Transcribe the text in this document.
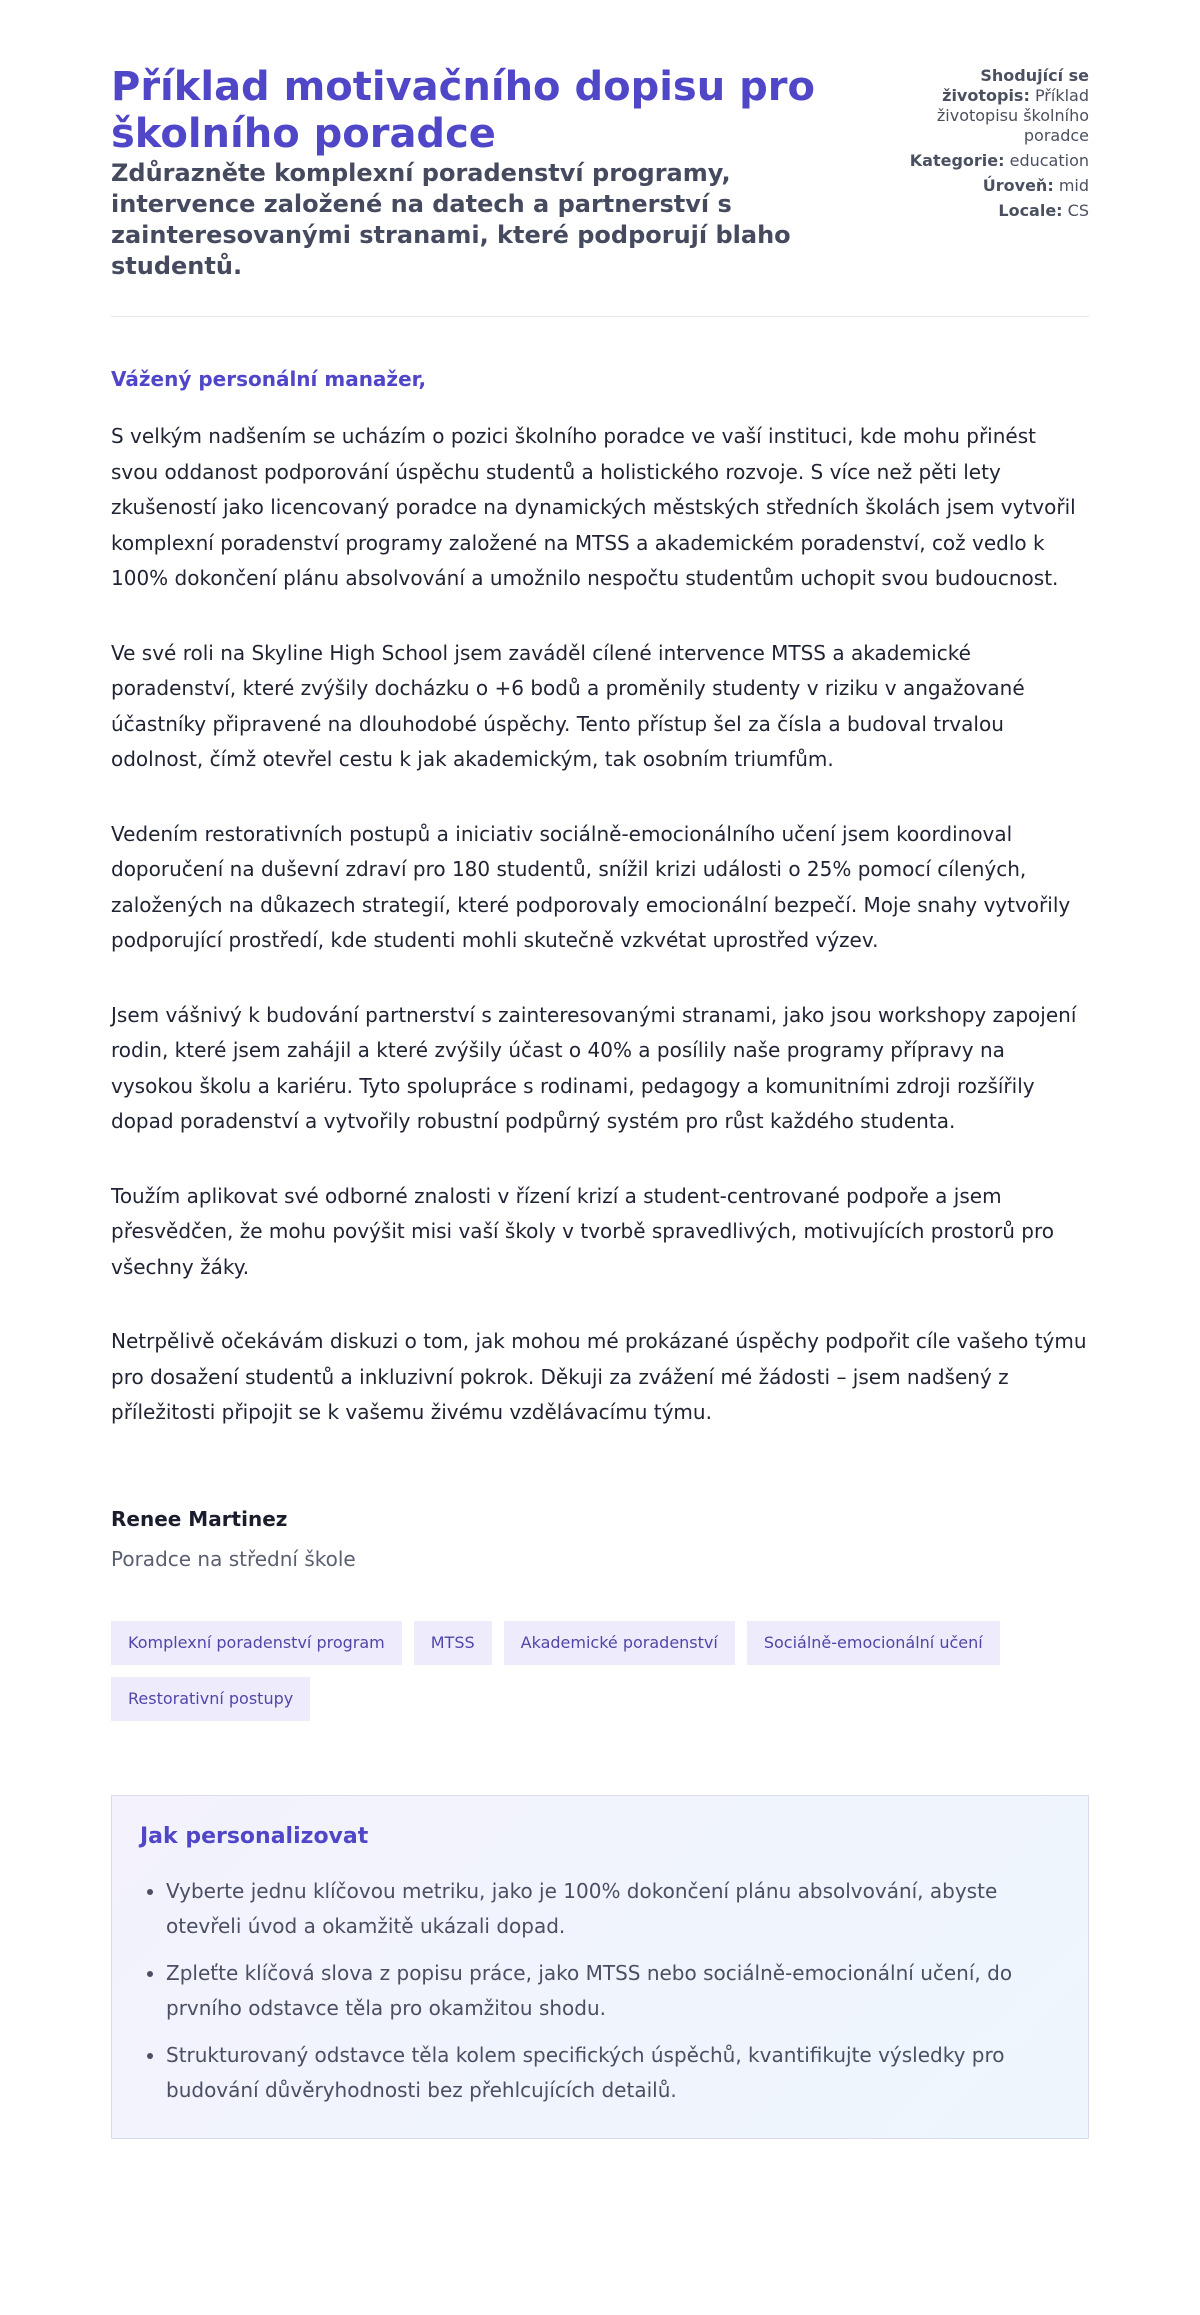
Příklad motivačního dopisu pro školního poradce

Zdůrazněte komplexní poradenství programy, intervence založené na datech a partnerství s zainteresovanými stranami, které podporují blaho studentů.

Shodující se životopis: Příklad životopisu školního poradce
Kategorie: education
Úroveň: mid
Locale: CS

Vážený personální manažer,

S velkým nadšením se ucházím o pozici školního poradce ve vaší instituci, kde mohu přinést svou oddanost podporování úspěchu studentů a holistického rozvoje. S více než pěti lety zkušeností jako licencovaný poradce na dynamických městských středních školách jsem vytvořil komplexní poradenství programy založené na MTSS a akademickém poradenství, což vedlo k 100% dokončení plánu absolvování a umožnilo nespočtu studentům uchopit svou budoucnost.

Ve své roli na Skyline High School jsem zaváděl cílené intervence MTSS a akademické poradenství, které zvýšily docházku o +6 bodů a proměnily studenty v riziku v angažované účastníky připravené na dlouhodobé úspěchy. Tento přístup šel za čísla a budoval trvalou odolnost, čímž otevřel cestu k jak akademickým, tak osobním triumfům.

Vedením restorativních postupů a iniciativ sociálně-emocionálního učení jsem koordinoval doporučení na duševní zdraví pro 180 studentů, snížil krizi události o 25% pomocí cílených, založených na důkazech strategií, které podporovaly emocionální bezpečí. Moje snahy vytvořily podporující prostředí, kde studenti mohli skutečně vzkvétat uprostřed výzev.

Jsem vášnivý k budování partnerství s zainteresovanými stranami, jako jsou workshopy zapojení rodin, které jsem zahájil a které zvýšily účast o 40% a posílily naše programy přípravy na vysokou školu a kariéru. Tyto spolupráce s rodinami, pedagogy a komunitními zdroji rozšířily dopad poradenství a vytvořily robustní podpůrný systém pro růst každého studenta.

Toužím aplikovat své odborné znalosti v řízení krizí a student-centrované podpoře a jsem přesvědčen, že mohu povýšit misi vaší školy v tvorbě spravedlivých, motivujících prostorů pro všechny žáky.

Netrpělivě očekávám diskuzi o tom, jak mohou mé prokázané úspěchy podpořit cíle vašeho týmu pro dosažení studentů a inkluzivní pokrok. Děkuji za zvážení mé žádosti – jsem nadšený z příležitosti připojit se k vašemu živému vzdělávacímu týmu.

Renee Martinez

Poradce na střední škole

Komplexní poradenství program	MTSS	Akademické poradenství	Sociálně-emocionální učení
Restorativní postupy
Jak personalizovat
• Vyberte jednu klíčovou metriku, jako je 100% dokončení plánu absolvování, abyste otevřeli úvod a okamžitě ukázali dopad.
• Zpleťte klíčová slova z popisu práce, jako MTSS nebo sociálně-emocionální učení, do prvního odstavce těla pro okamžitou shodu.
• Strukturovaný odstavce těla kolem specifických úspěchů, kvantifikujte výsledky pro budování důvěryhodnosti bez přehlcujících detailů.
